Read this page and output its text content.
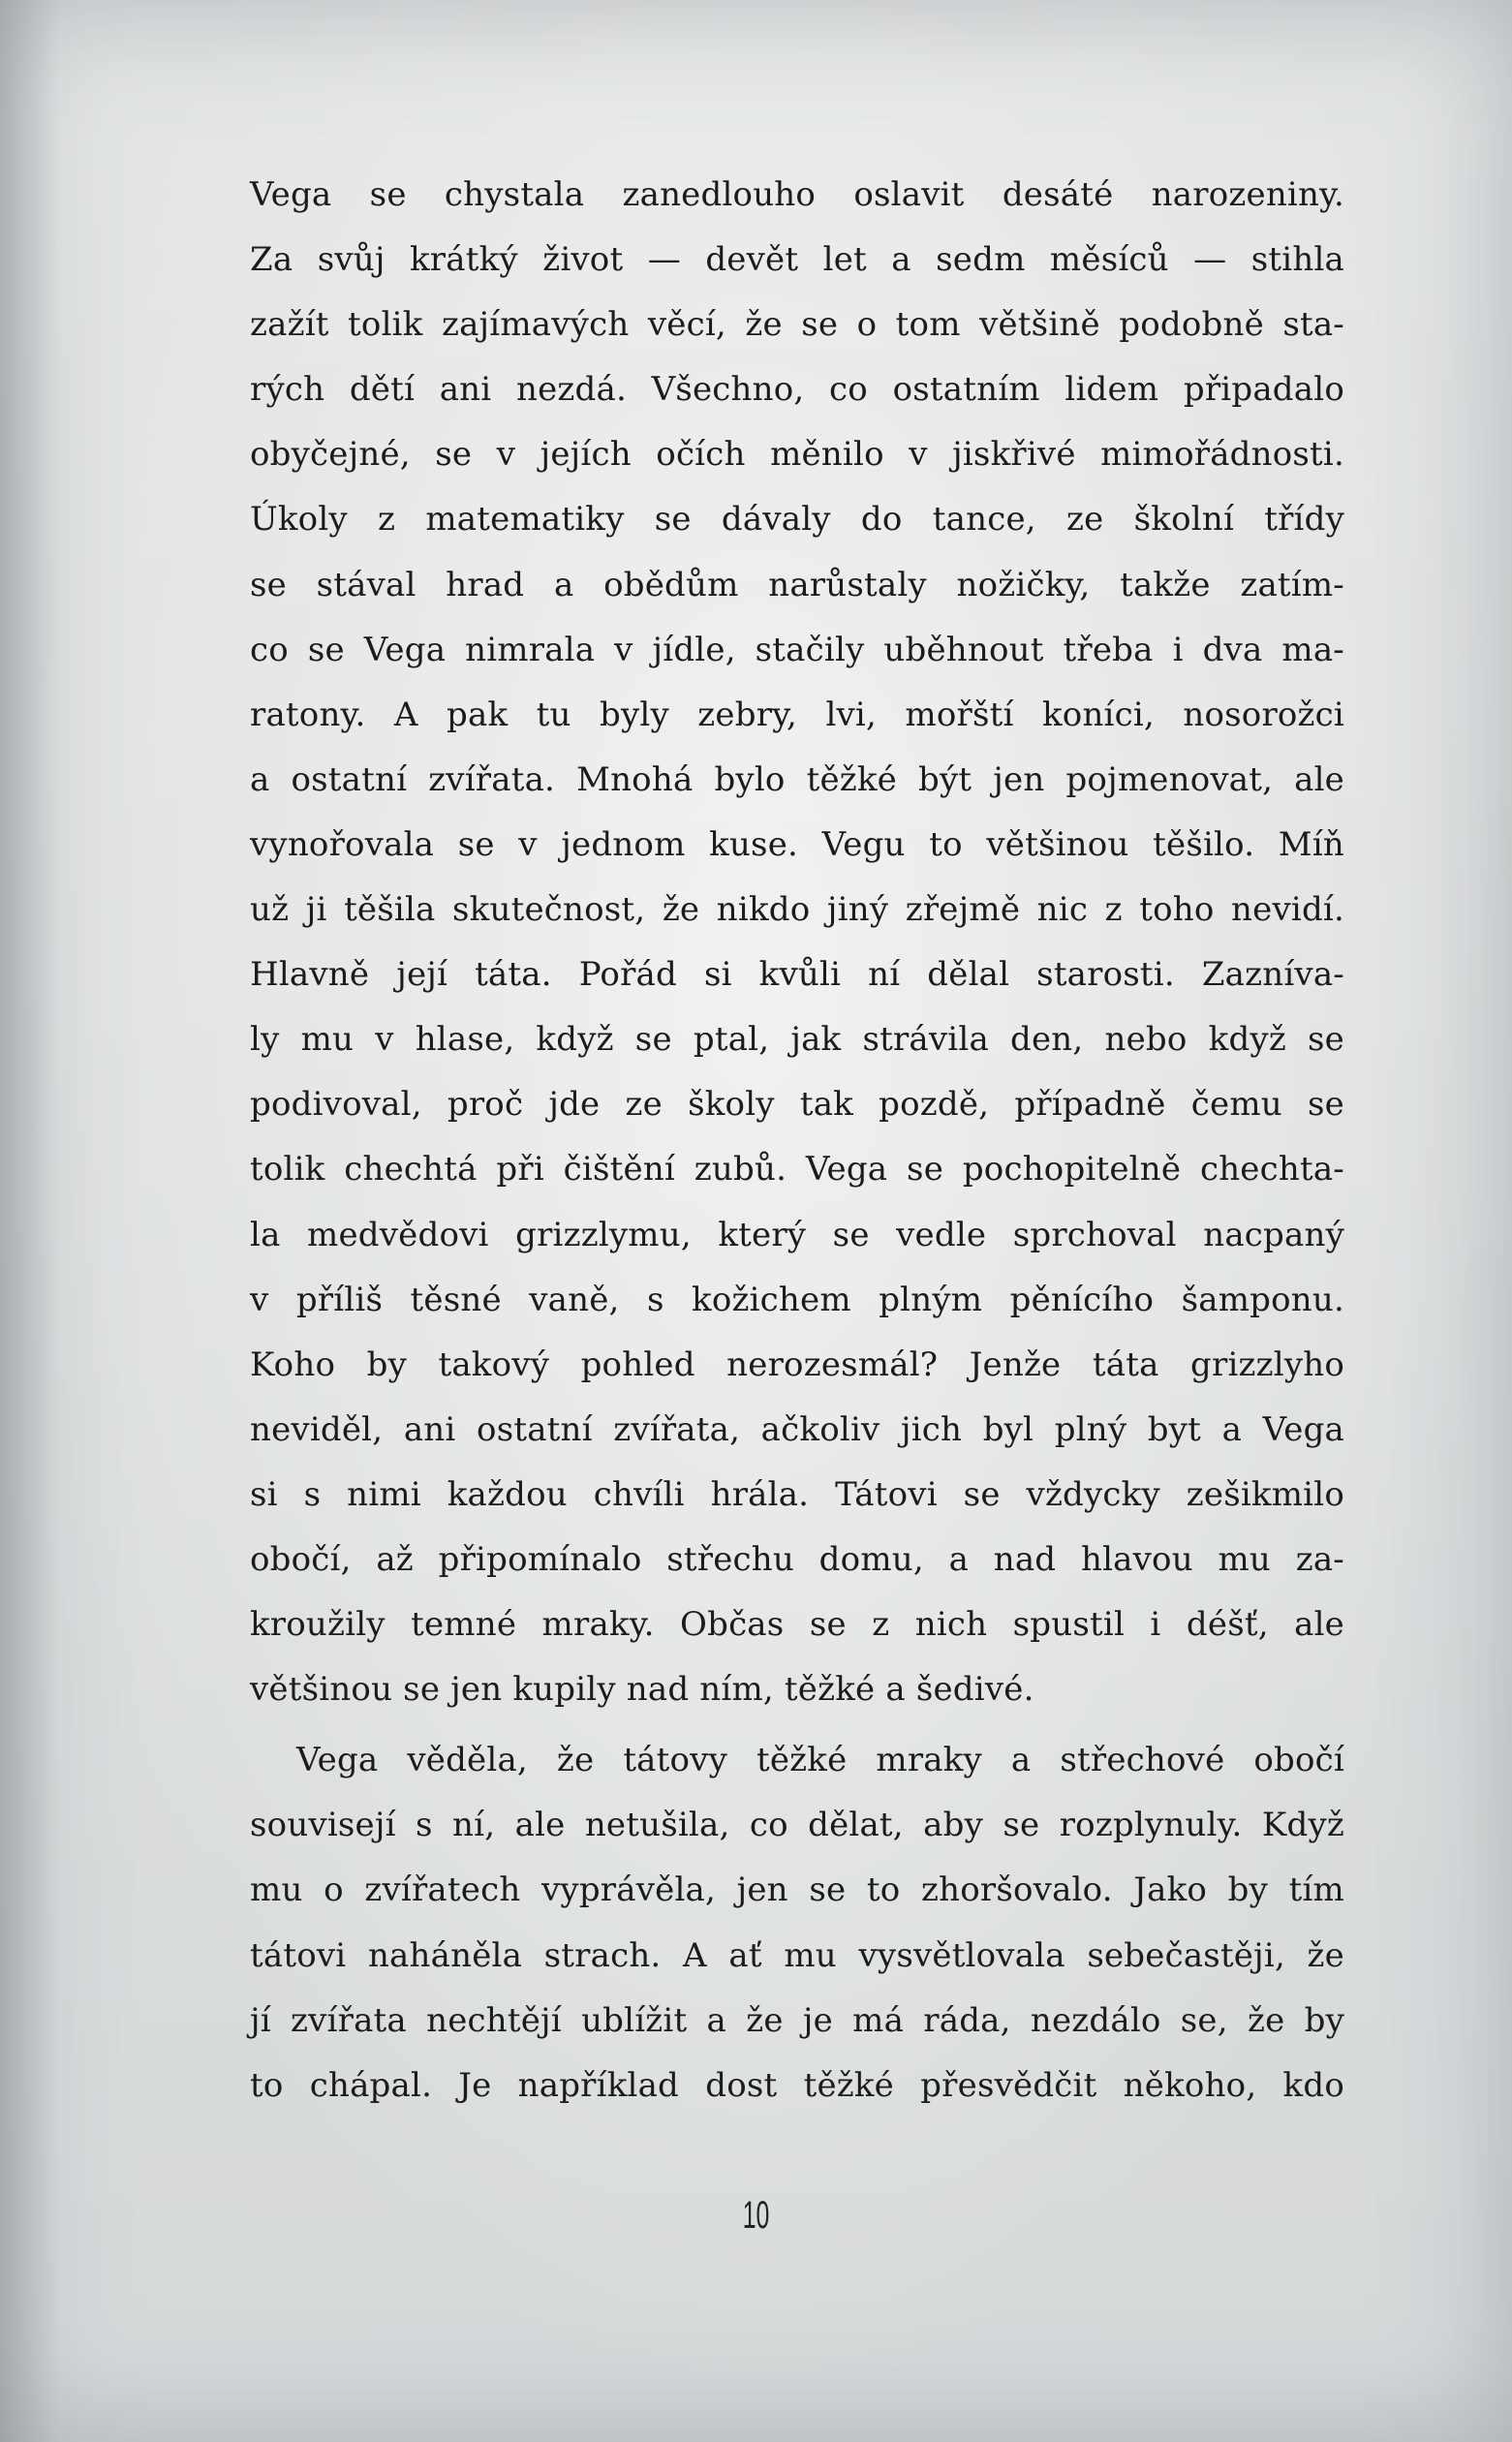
Vega se chystala zanedlouho oslavit desáté narozeniny.
Za svůj krátký život — devět let a sedm měsíců — stihla
zažít tolik zajímavých věcí, že se o tom většině podobně sta-
rých dětí ani nezdá. Všechno, co ostatním lidem připadalo
obyčejné, se v jejích očích měnilo v jiskřivé mimořádnosti.
Úkoly z matematiky se dávaly do tance, ze školní třídy
se stával hrad a obědům narůstaly nožičky, takže zatím-
co se Vega nimrala v jídle, stačily uběhnout třeba i dva ma-
ratony. A pak tu byly zebry, lvi, mořští koníci, nosorožci
a ostatní zvířata. Mnohá bylo těžké být jen pojmenovat, ale
vynořovala se v jednom kuse. Vegu to většinou těšilo. Míň
už ji těšila skutečnost, že nikdo jiný zřejmě nic z toho nevidí.
Hlavně její táta. Pořád si kvůli ní dělal starosti. Zazníva-
ly mu v hlase, když se ptal, jak strávila den, nebo když se
podivoval, proč jde ze školy tak pozdě, případně čemu se
tolik chechtá při čištění zubů. Vega se pochopitelně chechta-
la medvědovi grizzlymu, který se vedle sprchoval nacpaný
v příliš těsné vaně, s kožichem plným pěnícího šamponu.
Koho by takový pohled nerozesmál? Jenže táta grizzlyho
neviděl, ani ostatní zvířata, ačkoliv jich byl plný byt a Vega
si s nimi každou chvíli hrála. Tátovi se vždycky zešikmilo
obočí, až připomínalo střechu domu, a nad hlavou mu za-
kroužily temné mraky. Občas se z nich spustil i déšť, ale
většinou se jen kupily nad ním, těžké a šedivé.
Vega věděla, že tátovy těžké mraky a střechové obočí
souvisejí s ní, ale netušila, co dělat, aby se rozplynuly. Když
mu o zvířatech vyprávěla, jen se to zhoršovalo. Jako by tím
tátovi naháněla strach. A ať mu vysvětlovala sebečastěji, že
jí zvířata nechtějí ublížit a že je má ráda, nezdálo se, že by
to chápal. Je například dost těžké přesvědčit někoho, kdo
10
